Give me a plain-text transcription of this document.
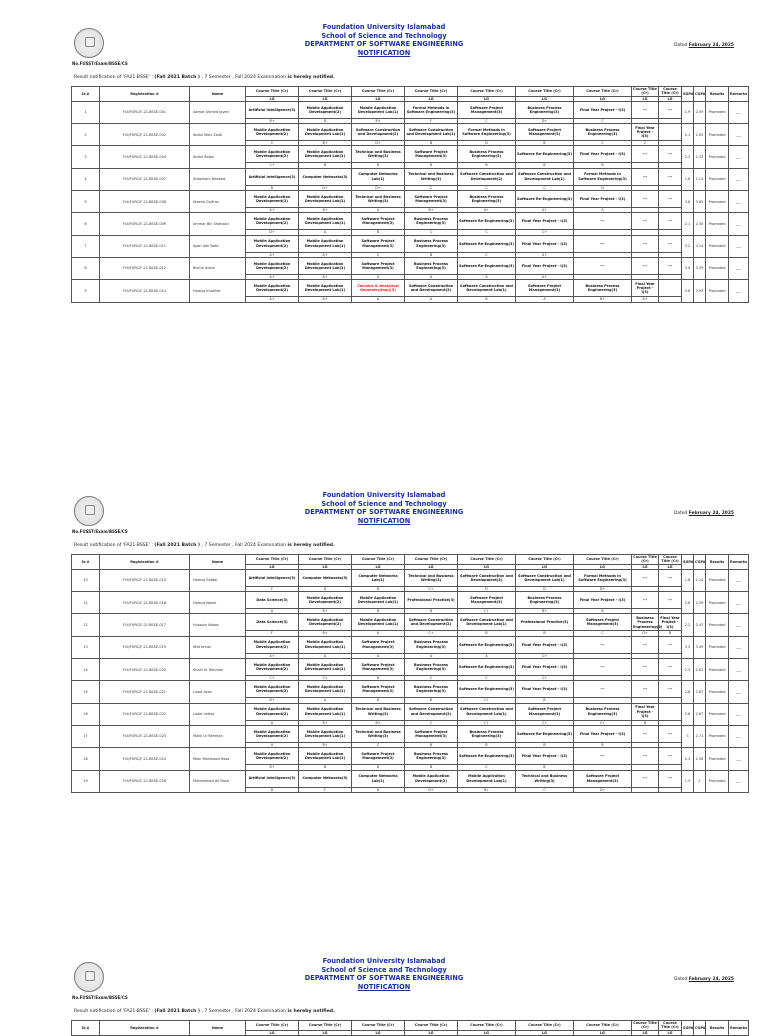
No.FUSST/Exam/BSSE/CS
Foundation University Islamabad
School of Science and Technology
DEPARTMENT OF SOFTWARE ENGINEERING
NOTIFICATION
Dated February 24, 2025
Result notification of 'FA21-BSSE' : (Fall 2021 Batch ) , 7 Semester , Fall 2024 Examination is hereby notified.
Sr.#	Registration #	Name	Course Title (Cr)	Course Title (Cr)	Course Title (Cr)	Course Title (Cr)	Course Title (Cr)	Course Title (Cr)	Course Title (Cr)	Course Title (Cr)	Course Title (Cr)	SGPA	CGPA	Results	Remarks
			LG	LG	LG	LG	LG	LG	LG	LG	LG				
1	FUI/FURC/F-21-BSSE-001	Aamar Ahmed Javed	Artificial Intelligence(3)	Mobile Application Development(2)	Mobile Application Development Lab(1)	Formal Methods in Software Engineering(3)	Software Project Management(3)	Business Process Engineering(3)	Final Year Project - I(3)	---	---	1.9	2.09	Promoted	___
			B+	D	B+	F	C	D+	C						
2	FUI/FURC/F-21-BSSE-002	Abdul Moiz Zaidi	Mobile Application Development(2)	Mobile Application Development Lab(1)	Software Construction and Development(2)	Software Construction and Development Lab(1)	Formal Methods in Software Engineering(3)	Software Project Management(3)	Business Process Engineering(3)	Final Year Project - I(3)		2.1	2.05	Promoted	___
			C	B+	D+	B	D	B	C	C					
3	FUI/FURC/F-21-BSSE-004	Abdul Rafay	Mobile Application Development(2)	Mobile Application Development Lab(1)	Technical and Business Writing(3)	Software Project Management(3)	Business Process Engineering(3)	Software Re-Engineering(3)	Final Year Project - I(3)	---	---	2.3	2.33	Promoted	___
			C+	B	B	B	B	B	B						
4	FUI/FURC/F-21-BSSE-007	Ahtasham Naveed	Artificial Intelligence(3)	Computer Networks(3)	Computer Networks Lab(1)	Technical and Business Writing(3)	Software Construction and Development(2)	Software Construction and Development Lab(1)	Formal Methods in Software Engineering(3)	---	---	1.6	2.14	Promoted	___
			D	D+	D+	C	C	C	D						
5	FUI/FURC/F-21-BSSE-008	Aleena Gulfraz	Mobile Application Development(2)	Mobile Application Development Lab(1)	Technical and Business Writing(3)	Software Project Management(3)	Business Process Engineering(3)	Software Re-Engineering(3)	Final Year Project - I(3)	---	---	3.8	3.65	Promoted	___
			A+	A+	A	B+	A+	A+	A						
6	FUI/FURC/F-21-BSSE-009	Ammar Bin Shahzad	Mobile Application Development(2)	Mobile Application Development Lab(1)	Software Project Management(3)	Business Process Engineering(3)	Software Re-Engineering(3)	Final Year Project - I(3)	---	---	---	2.1	2.30	Promoted	___
			D+	A	B	C	C	C+							
7	FUI/FURC/F-21-BSSE-011	Ayan Adil Batti	Mobile Application Development(2)	Mobile Application Development Lab(1)	Software Project Management(3)	Business Process Engineering(3)	Software Re-Engineering(3)	Final Year Project - I(3)	---	---	---	3.2	3.14	Promoted	___
			A+	A+	C	B	C	A+							
8	FUI/FURC/F-21-BSSE-012	Bisma Ikram	Mobile Application Development(2)	Mobile Application Development Lab(1)	Software Project Management(3)	Business Process Engineering(3)	Software Re-Engineering(3)	Final Year Project - I(3)	---	---	---	3.9	3.39	Promoted	___
			A+	A+	A	A	A	A+							
9	FUI/FURC/F-21-BSSE-014	Hadiya Khokhar	Mobile Application Development(2)	Mobile Application Development Lab(1)	Calculus & Analytical Geometry(Imp)(3)	Software Construction and Development(2)	Software Construction and Development Lab(1)	Software Project Management(3)	Business Process Engineering(3)	Final Year Project - I(3)		3.6	2.93	Promoted	___
			A+	A+	A	A	B	A	B+	A+					
No.FUSST/Exam/BSSE/CS
Foundation University Islamabad
School of Science and Technology
DEPARTMENT OF SOFTWARE ENGINEERING
NOTIFICATION
Dated February 24, 2025
Result notification of 'FA21-BSSE' : (Fall 2021 Batch ) , 7 Semester , Fall 2024 Examination is hereby notified.
Sr.#	Registration #	Name	Course Title (Cr)	Course Title (Cr)	Course Title (Cr)	Course Title (Cr)	Course Title (Cr)	Course Title (Cr)	Course Title (Cr)	Course Title (Cr)	Course Title (Cr)	SGPA	CGPA	Results	Remarks
			LG	LG	LG	LG	LG	LG	LG	LG	LG				
10	FUI/FURC/F-21-BSSE-015	Hamza Safdar	Artificial Intelligence(3)	Computer Networks(3)	Computer Networks Lab(1)	Technical and Business Writing(3)	Software Construction and Development(2)	Software Construction and Development Lab(1)	Formal Methods in Software Engineering(3)	---	---	1.6	2.14	Promoted	___
			F	D	D	C+	D	D	D+						
11	FUI/FURC/F-21-BSSE-016	Hamza Naser	Data Science(3)	Mobile Application Development(2)	Mobile Application Development Lab(1)	Professional Practice(3)	Software Project Management(3)	Business Process Engineering(3)	Final Year Project - I(3)	---	---	2.6	2.59	Promoted	___
			A	B+	B	B	C+	B+	B						
12	FUI/FURC/F-21-BSSE-017	Hussain Abbas	Data Science(3)	Mobile Application Development(2)	Mobile Application Development Lab(1)	Software Construction and Development(2)	Software Construction and Development Lab(1)	Professional Practice(3)	Software Project Management(3)	Business Process Engineering(3)	Final Year Project - I(3)	2.2	2.47	Promoted	___
			F	B+	A	C+	B	B	C	D+	B				
13	FUI/FURC/F-21-BSSE-019	Iffat Imran	Mobile Application Development(2)	Mobile Application Development Lab(1)	Software Project Management(3)	Business Process Engineering(3)	Software Re-Engineering(3)	Final Year Project - I(3)	---	---	---	3.5	3.49	Promoted	___
			A+	A	A	A	A	C+							
14	FUI/FURC/F-21-BSSE-020	Khalil Ur Rehman	Mobile Application Development(2)	Mobile Application Development Lab(1)	Software Project Management(3)	Business Process Engineering(3)	Software Re-Engineering(3)	Final Year Project - I(3)	---	---	---	2.3	2.61	Promoted	___
			C+	C+	B	C	C	C+							
15	FUI/FURC/F-21-BSSE-021	Laiba Ayaz	Mobile Application Development(2)	Mobile Application Development Lab(1)	Software Project Management(3)	Business Process Engineering(3)	Software Re-Engineering(3)	Final Year Project - I(3)	---	---	---	2.8	2.87	Promoted	___
			B+	A	B	B	C+	B							
16	FUI/FURC/F-21-BSSE-022	Laiba Imtiaz	Mobile Application Development(2)	Mobile Application Development Lab(1)	Technical and Business Writing(3)	Software Construction and Development(2)	Software Construction and Development Lab(1)	Software Project Management(3)	Business Process Engineering(3)	Final Year Project - I(3)		2.6	2.67	Promoted	___
			A	B+	B+	C	C+	C+	C+	B					
17	FUI/FURC/F-21-BSSE-023	Malik Ur Rehman	Mobile Application Development(2)	Mobile Application Development Lab(1)	Technical and Business Writing(3)	Software Project Management(3)	Business Process Engineering(3)	Software Re-Engineering(3)	Final Year Project - I(3)	---	---	3	2.71	Promoted	___
			A	B+	C	B	B	B	B						
18	FUI/FURC/F-21-BSSE-024	Mian Mahmood Raza	Mobile Application Development(2)	Mobile Application Development Lab(1)	Software Project Management(3)	Business Process Engineering(3)	Software Re-Engineering(3)	Final Year Project - I(3)	---	---	---	2.3	2.36	Promoted	___
			B+	B	B	B	C	B							
19	FUI/FURC/F-21-BSSE-026	Muhammad Ali Raza	Artificial Intelligence(3)	Computer Networks(3)	Computer Networks Lab(1)	Mobile Application Development(2)	Mobile Application Development Lab(1)	Technical and Business Writing(3)	Software Project Management(3)	---	---	1.5	2	Promoted	___
			D	F	B	D+	B+	C	D+						
No.FUSST/Exam/BSSE/CS
Foundation University Islamabad
School of Science and Technology
DEPARTMENT OF SOFTWARE ENGINEERING
NOTIFICATION
Dated February 24, 2025
Result notification of 'FA21-BSSE' : (Fall 2021 Batch ) , 7 Semester , Fall 2024 Examination is hereby notified.
Sr.#	Registration #	Name	Course Title (Cr)	Course Title (Cr)	Course Title (Cr)	Course Title (Cr)	Course Title (Cr)	Course Title (Cr)	Course Title (Cr)	Course Title (Cr)	Course Title (Cr)	SGPA	CGPA	Results	Remarks
			LG	LG	LG	LG	LG	LG	LG	LG	LG				
